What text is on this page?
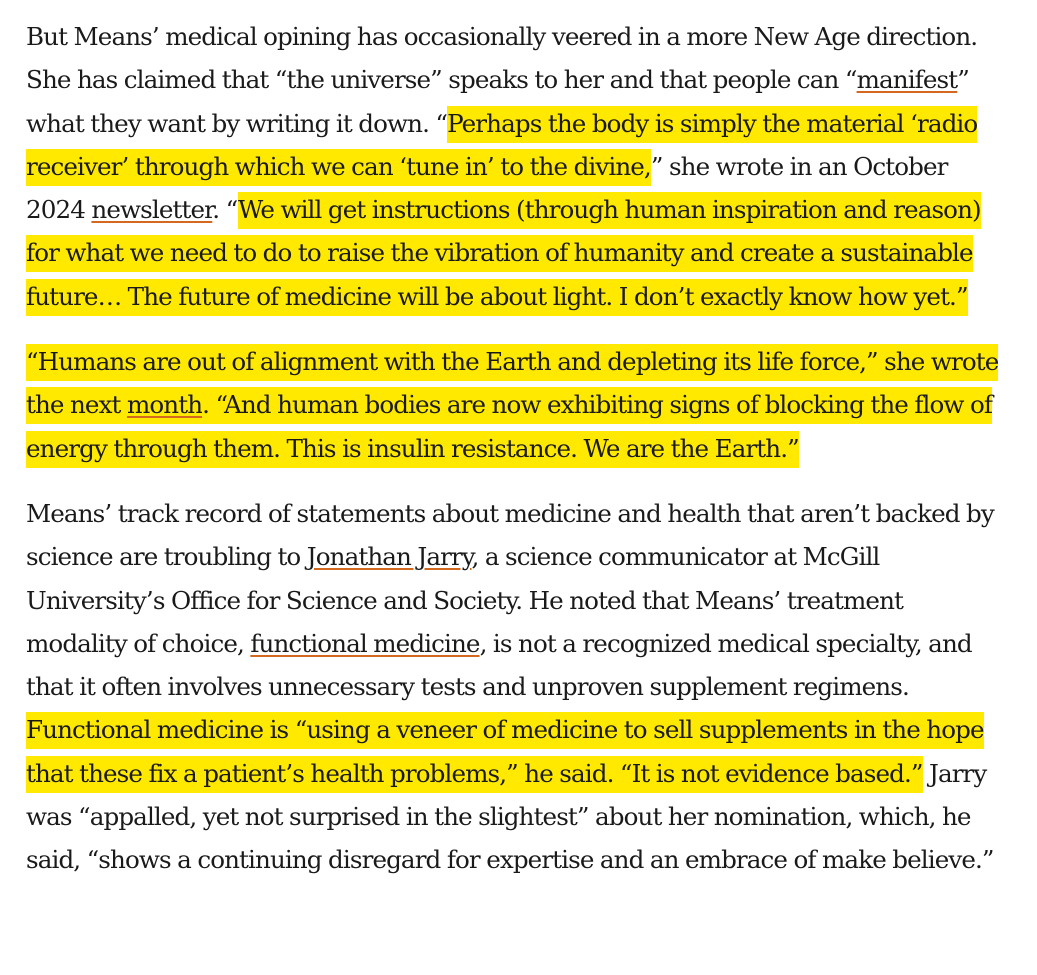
But Means’ medical opining has occasionally veered in a more New Age direction. She has claimed that “the universe” speaks to her and that people can “manifest” what they want by writing it down. “Perhaps the body is simply the material ‘radio receiver’ through which we can ‘tune in’ to the divine,” she wrote in an October 2024 newsletter. “We will get instructions (through human inspiration and reason) for what we need to do to raise the vibration of humanity and create a sustainable future… The future of medicine will be about light. I don’t exactly know how yet.”

“Humans are out of alignment with the Earth and depleting its life force,” she wrote the next month. “And human bodies are now exhibiting signs of blocking the flow of energy through them. This is insulin resistance. We are the Earth.”

Means’ track record of statements about medicine and health that aren’t backed by science are troubling to Jonathan Jarry, a science communicator at McGill University’s Office for Science and Society. He noted that Means’ treatment modality of choice, functional medicine, is not a recognized medical specialty, and that it often involves unnecessary tests and unproven supplement regimens. Functional medicine is “using a veneer of medicine to sell supplements in the hope that these fix a patient’s health problems,” he said. “It is not evidence based.” Jarry was “appalled, yet not surprised in the slightest” about her nomination, which, he said, “shows a continuing disregard for expertise and an embrace of make believe.”
